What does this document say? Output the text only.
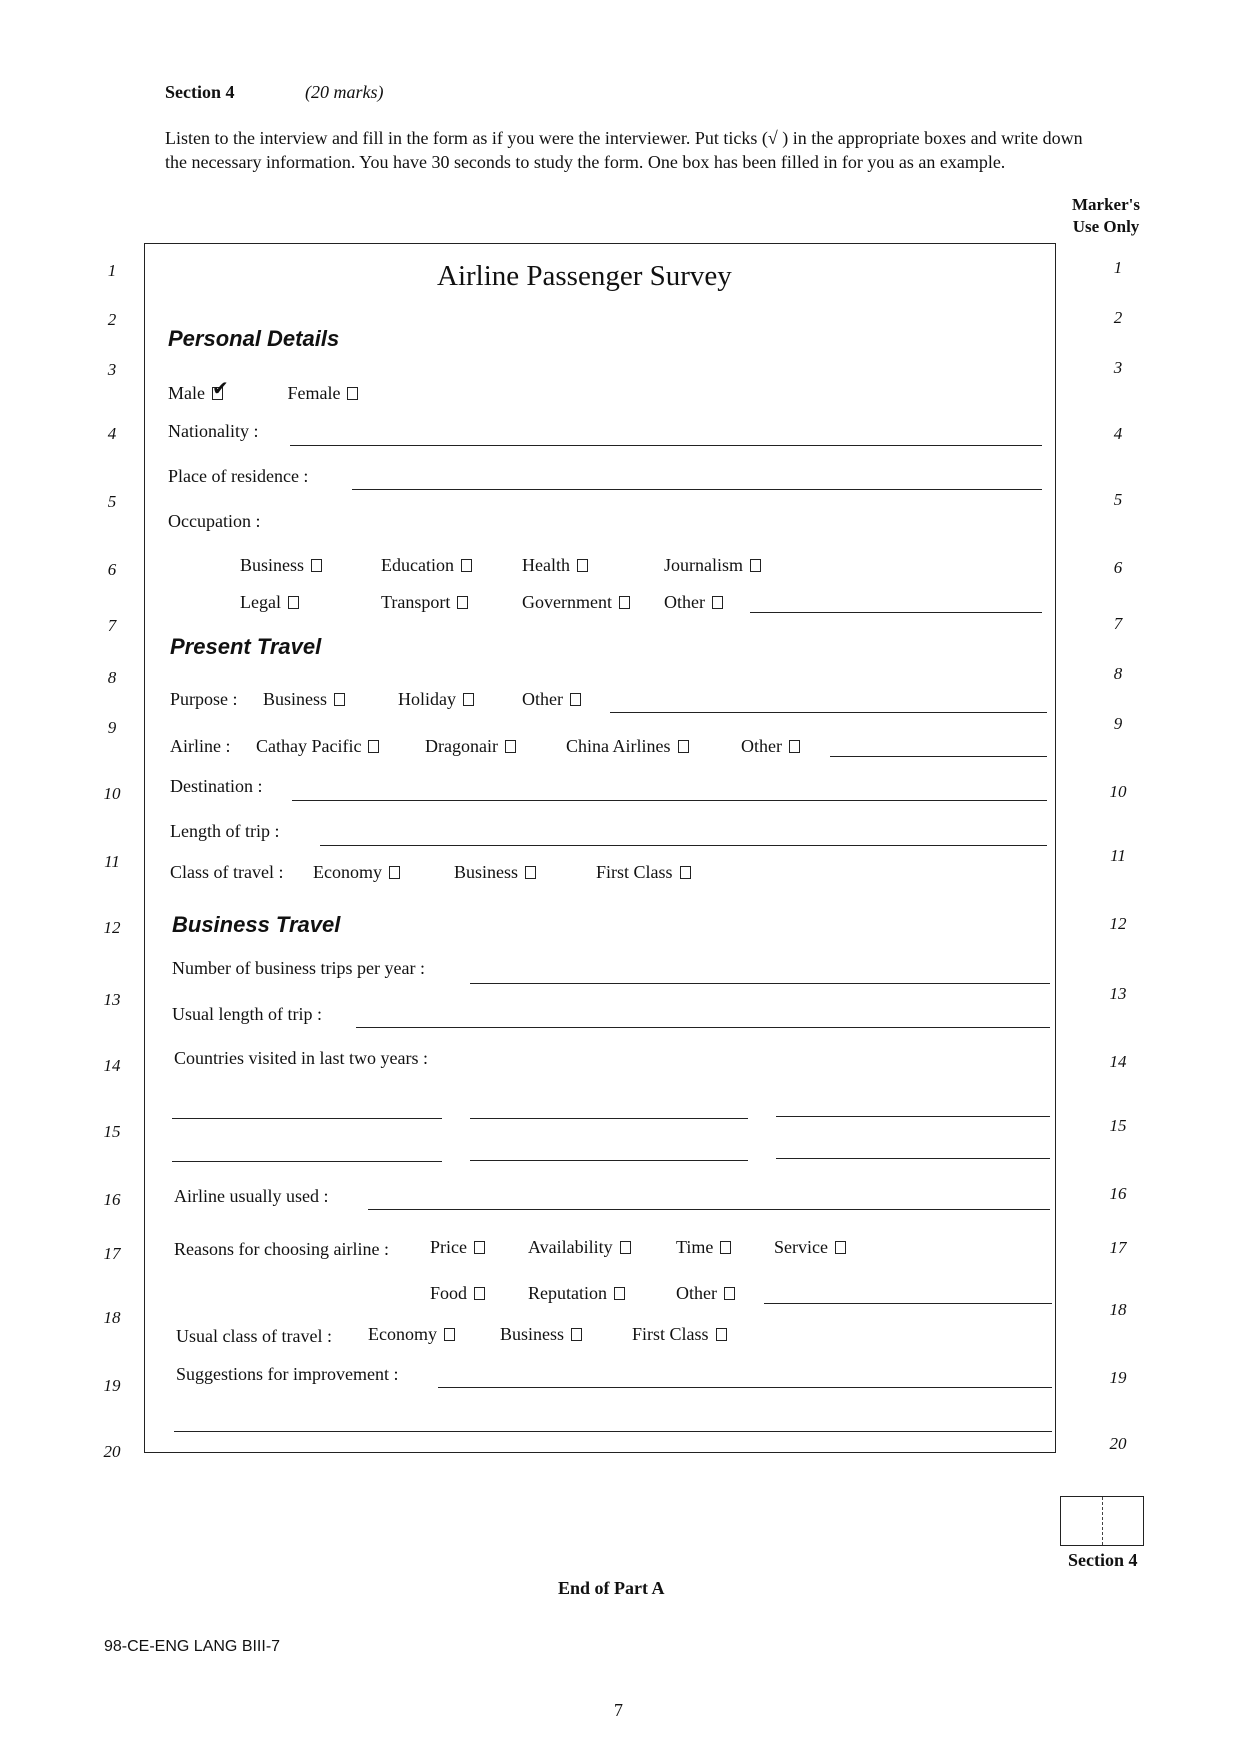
Section 4	(20 marks)
Listen to the interview and fill in the form as if you were the interviewer. Put ticks (√ ) in the appropriate boxes and write down the necessary information. You have 30 seconds to study the form. One box has been filled in for you as an example.
Marker's
Use Only
1
2
3
4
5
6
7
8
9
10
11
12
13
14
15
16
17
18
19
20
1
2
3
4
5
6
7
8
9
10
11
12
13
14
15
16
17
18
19
20
Airline Passenger Survey
Personal Details
Male✔	Female
Nationality :
Place of residence :
Occupation :
Business	Education	Health	Journalism
Legal	Transport	Government	Other
Present Travel
Purpose : Business	Holiday	Other
Airline : Cathay Pacific	Dragonair	China Airlines	Other
Destination :
Length of trip :
Class of travel : Economy	Business	First Class
Business Travel
Number of business trips per year :
Usual length of trip :
Countries visited in last two years :
Airline usually used :
Reasons for choosing airline : Price	Availability	Time	Service
Food	Reputation	Other
Usual class of travel : Economy	Business	First Class
Suggestions for improvement :
Section 4
End of Part A
98-CE-ENG LANG BIII-7
7
